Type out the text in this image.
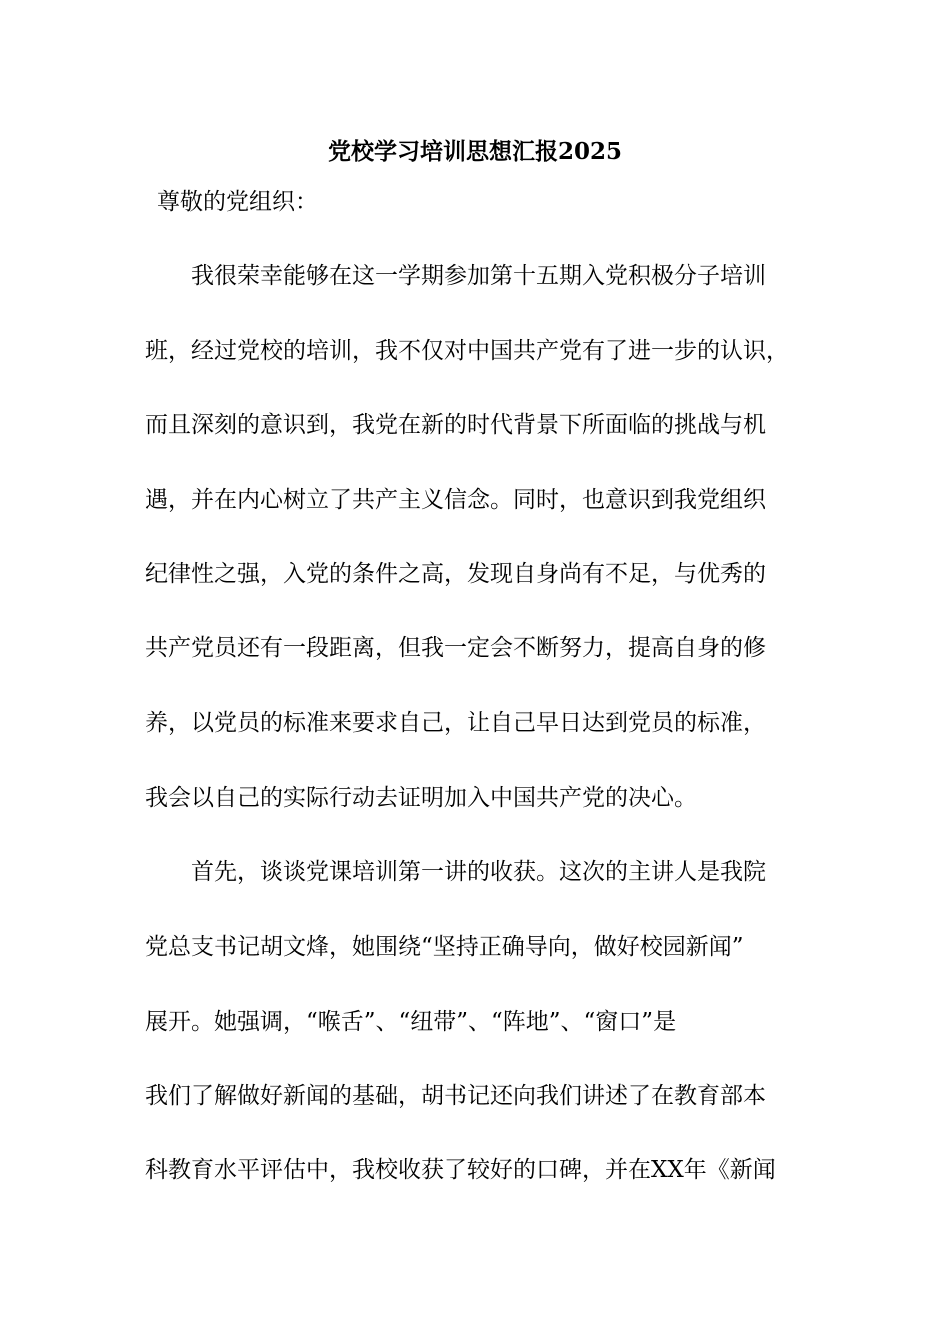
党校学习培训思想汇报2025
尊敬的党组织：
　　我很荣幸能够在这一学期参加第十五期入党积极分子培训
班，经过党校的培训，我不仅对中国共产党有了进一步的认识，
而且深刻的意识到，我党在新的时代背景下所面临的挑战与机
遇，并在内心树立了共产主义信念。同时，也意识到我党组织
纪律性之强，入党的条件之高，发现自身尚有不足，与优秀的
共产党员还有一段距离，但我一定会不断努力，提高自身的修
养，以党员的标准来要求自己，让自己早日达到党员的标准，
我会以自己的实际行动去证明加入中国共产党的决心。
　　首先，谈谈党课培训第一讲的收获。这次的主讲人是我院
党总支书记胡文烽，她围绕“坚持正确导向，做好校园新闻”
展开。她强调，“喉舌”、“纽带”、“阵地”、“窗口”是
我们了解做好新闻的基础，胡书记还向我们讲述了在教育部本
科教育水平评估中，我校收获了较好的口碑，并在XX年《新闻
